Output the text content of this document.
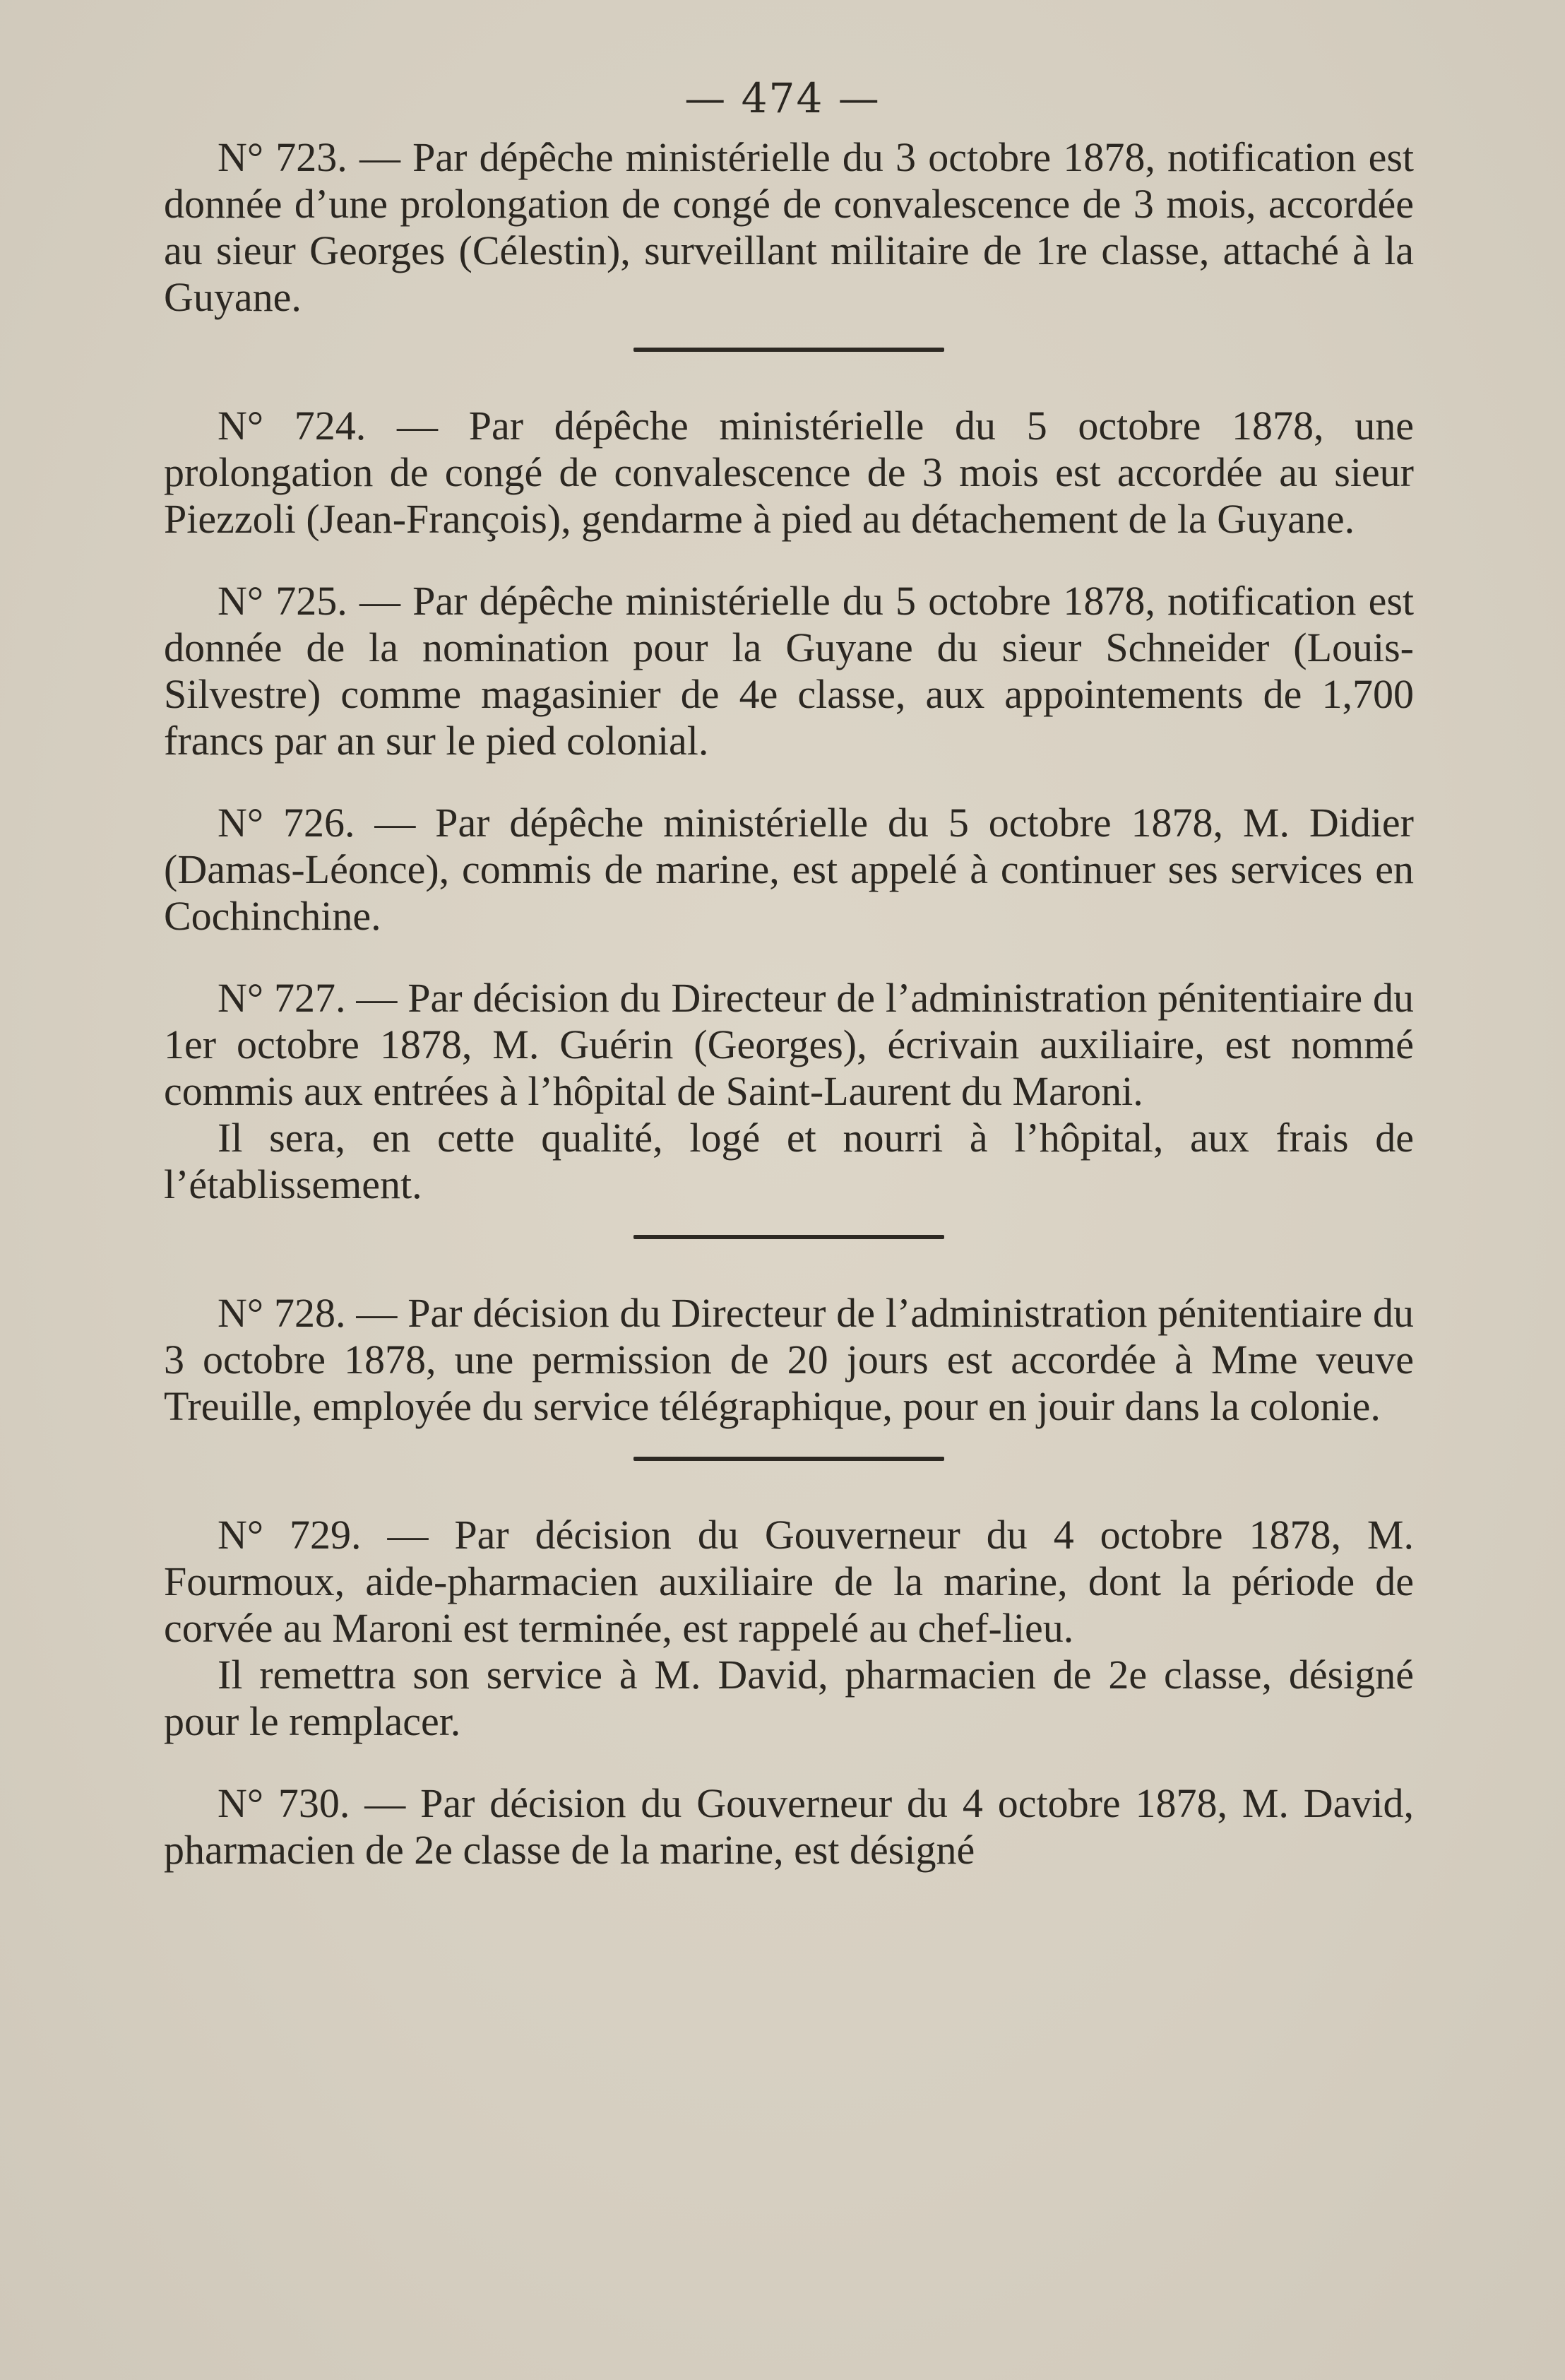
— 474 —

N° 723. — Par dépêche ministérielle du 3 octobre 1878, notification est donnée d’une prolongation de congé de convalescence de 3 mois, accordée au sieur Georges (Célestin), surveillant militaire de 1re classe, attaché à la Guyane.

N° 724. — Par dépêche ministérielle du 5 octobre 1878, une prolongation de congé de convalescence de 3 mois est accordée au sieur Piezzoli (Jean-François), gendarme à pied au détachement de la Guyane.

N° 725. — Par dépêche ministérielle du 5 octobre 1878, notification est donnée de la nomination pour la Guyane du sieur Schneider (Louis-Silvestre) comme magasinier de 4e classe, aux appointements de 1,700 francs par an sur le pied colonial.

N° 726. — Par dépêche ministérielle du 5 octobre 1878, M. Didier (Damas-Léonce), commis de marine, est appelé à continuer ses services en Cochinchine.

N° 727. — Par décision du Directeur de l’administration pénitentiaire du 1er octobre 1878, M. Guérin (Georges), écrivain auxiliaire, est nommé commis aux entrées à l’hôpital de Saint-Laurent du Maroni.

Il sera, en cette qualité, logé et nourri à l’hôpital, aux frais de l’établissement.

N° 728. — Par décision du Directeur de l’administration pénitentiaire du 3 octobre 1878, une permission de 20 jours est accordée à Mme veuve Treuille, employée du service télégraphique, pour en jouir dans la colonie.

N° 729. — Par décision du Gouverneur du 4 octobre 1878, M. Fourmoux, aide-pharmacien auxiliaire de la marine, dont la période de corvée au Maroni est terminée, est rappelé au chef-lieu.

Il remettra son service à M. David, pharmacien de 2e classe, désigné pour le remplacer.

N° 730. — Par décision du Gouverneur du 4 octobre 1878, M. David, pharmacien de 2e classe de la marine, est désigné
